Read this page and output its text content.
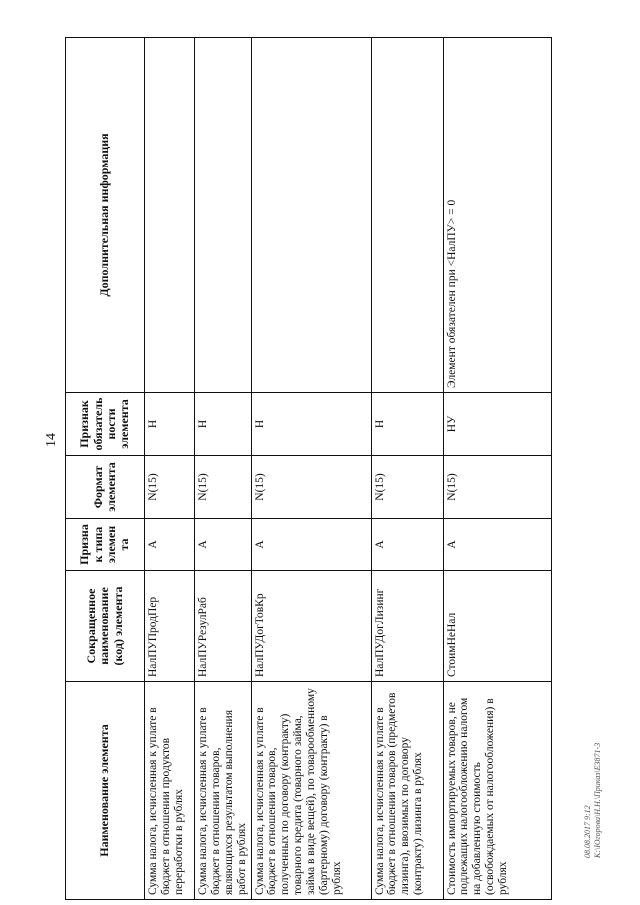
14
Наименование элемента	Сокращенное наименование (код) элемента	Признак типа элемента	Формат элемента	Признак обязательности элемента	Дополнительная информация
Сумма налога, исчисленная к уплате в бюджет в отношении продуктов переработки в рублях	НалПУПродПер	А	N(15)	Н	
Сумма налога, исчисленная к уплате в бюджет в отношении товаров, являющихся результатом выполнения работ в рублях	НалПУРезулРаб	А	N(15)	Н	
Сумма налога, исчисленная к уплате в бюджет в отношении товаров, полученных по договору (контракту) товарного кредита (товарного займа, займа в виде вещей), по товарообменному (бартерному) договору (контракту) в рублях	НалПУДогТовКр	А	N(15)	Н	
Сумма налога, исчисленная к уплате в бюджет в отношении товаров (предметов лизинга), ввозимых по договору (контракту) лизинга в рублях	НалПУДогЛизинг	А	N(15)	Н	
Стоимость импортируемых товаров, не подлежащих налогообложению налогом на добавленную стоимость (освобождаемых от налогообложения) в рублях	СтоимНеНал	А	N(15)	НУ	Элемент обязателен при <НалПУ> = 0
08.08.2017 9:12 К:\Югорова\Н.Н.\Приказ\Е3871-3
